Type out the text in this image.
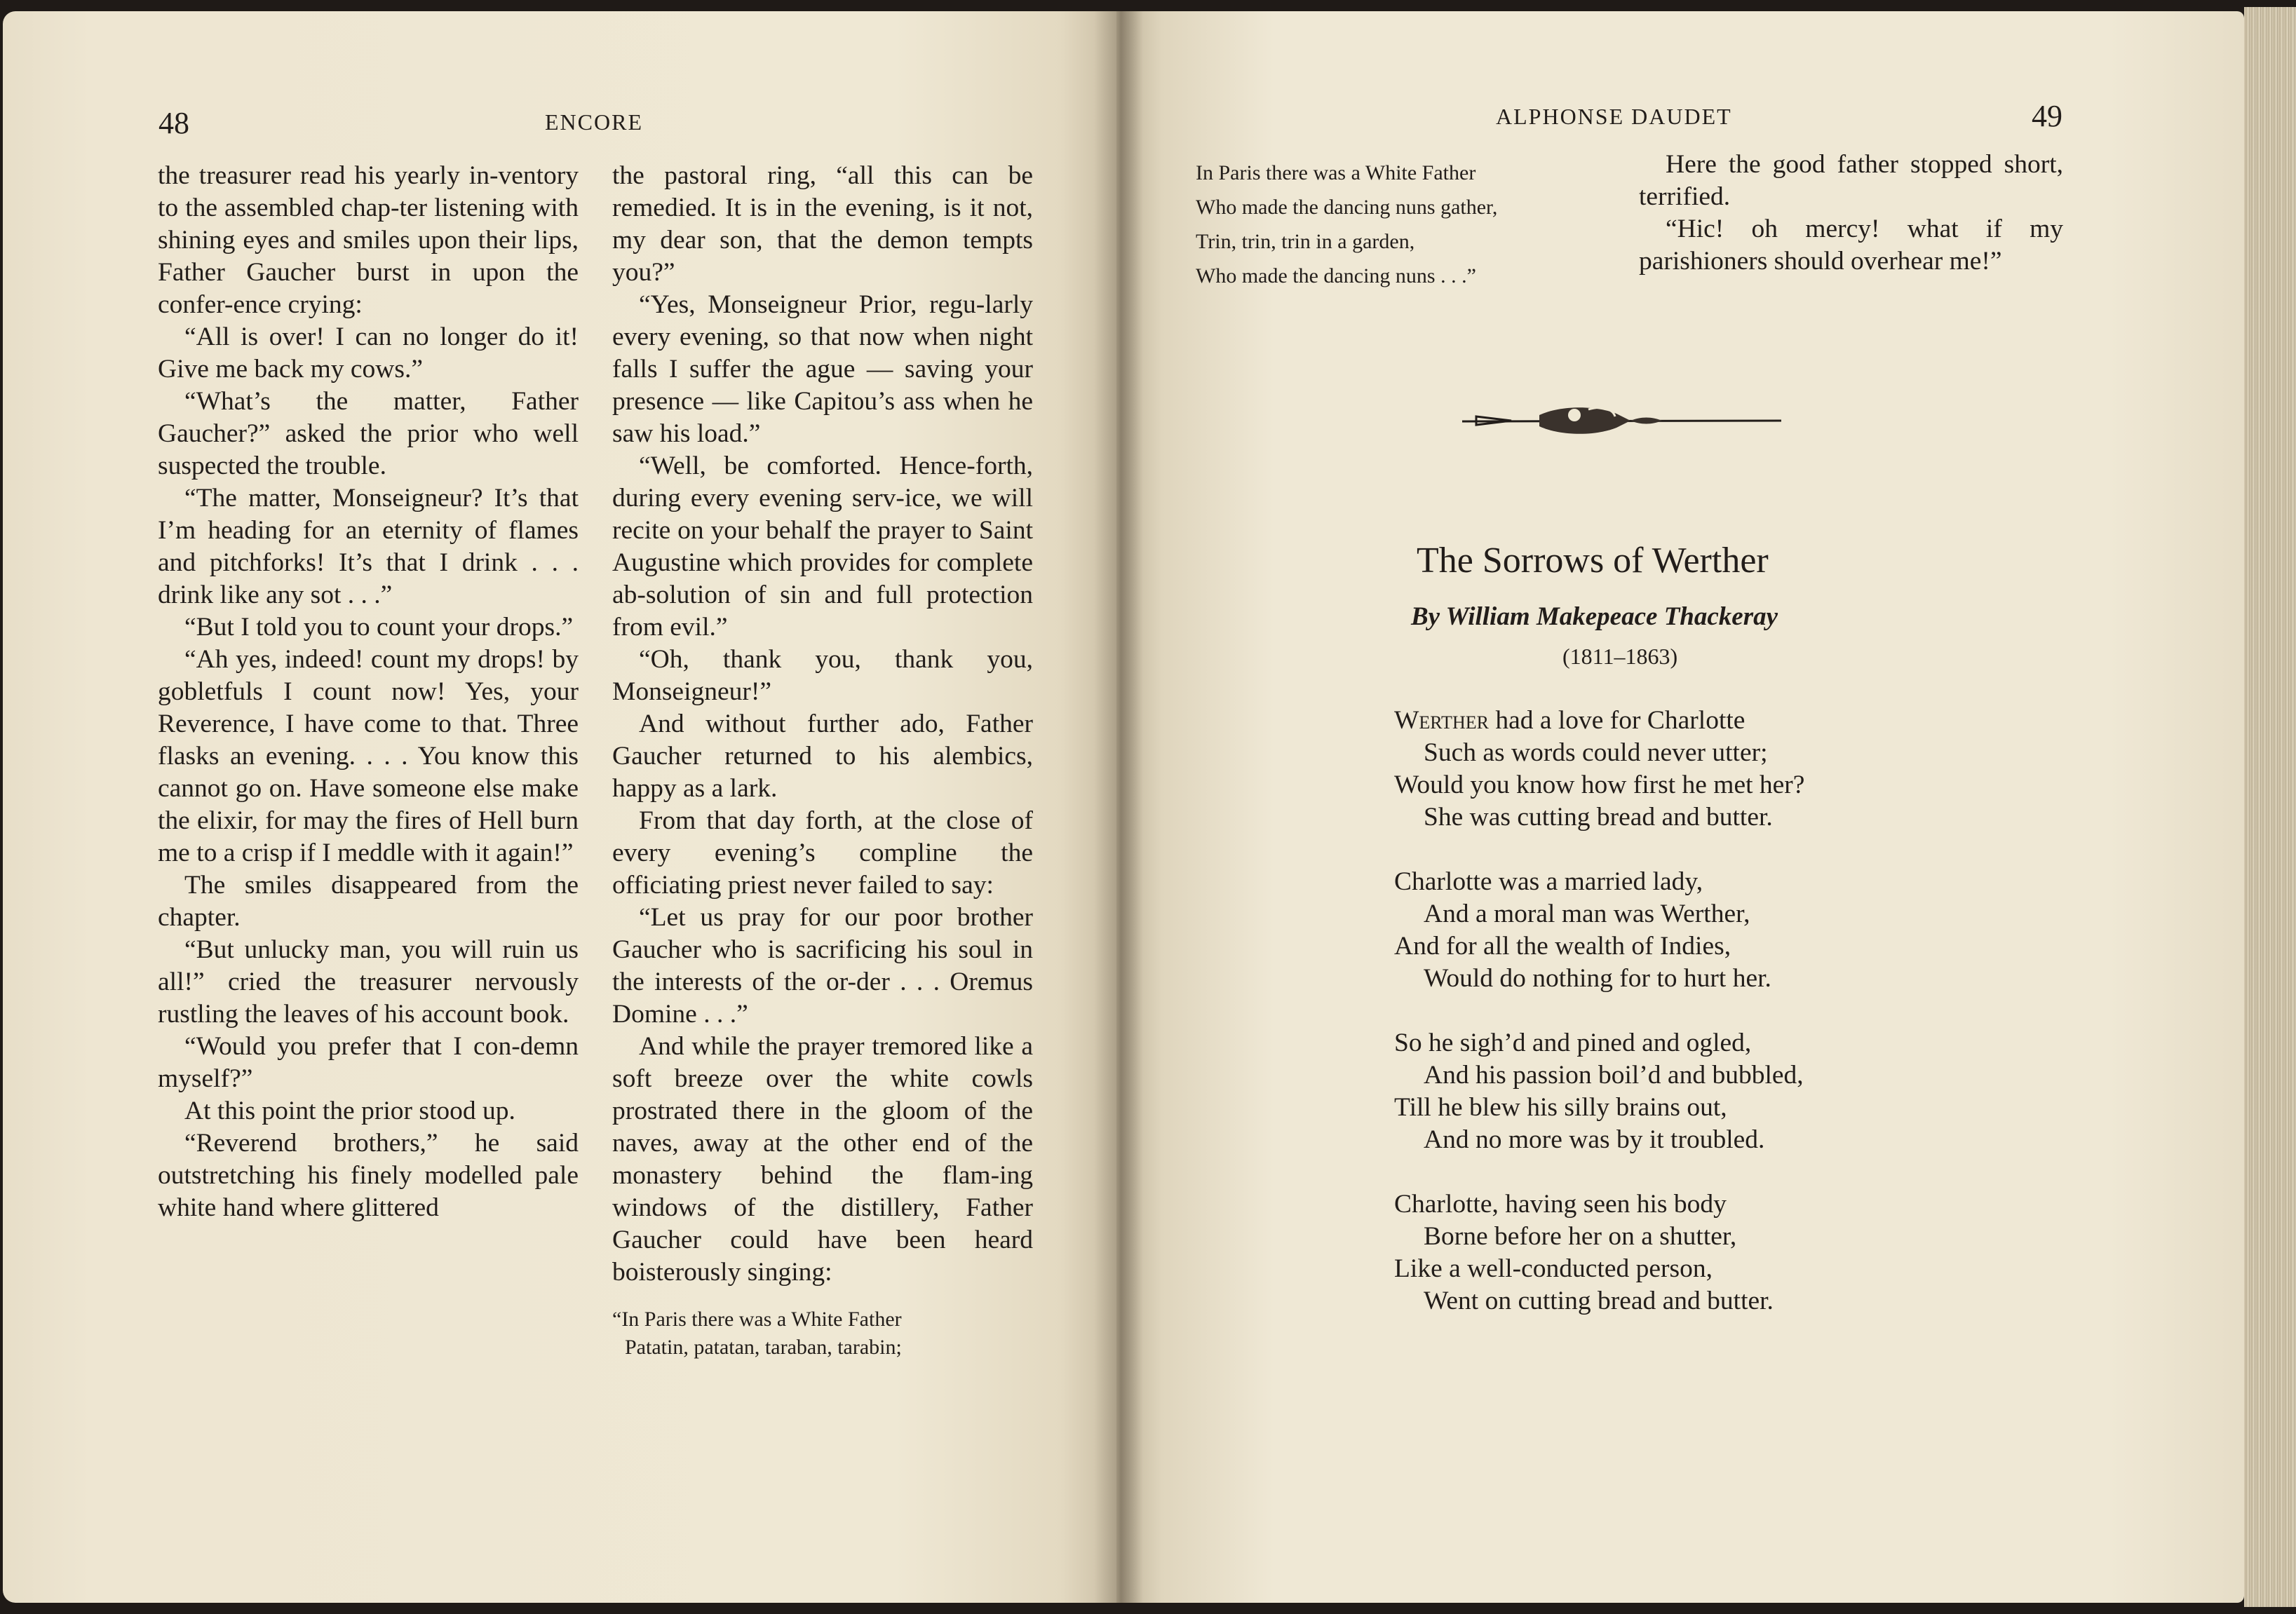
48	ENCORE

the treasurer read his yearly in-ventory to the assembled chap-ter listening with shining eyes and smiles upon their lips, Father Gaucher burst in upon the confer-ence crying:

“All is over! I can no longer do it! Give me back my cows.”

“What’s the matter, Father Gaucher?” asked the prior who well suspected the trouble.

“The matter, Monseigneur? It’s that I’m heading for an eternity of flames and pitchforks! It’s that I drink . . . drink like any sot . . .”

“But I told you to count your drops.”

“Ah yes, indeed! count my drops! by gobletfuls I count now! Yes, your Reverence, I have come to that. Three flasks an evening. . . . You know this cannot go on. Have someone else make the elixir, for may the fires of Hell burn me to a crisp if I meddle with it again!”

The smiles disappeared from the chapter.

“But unlucky man, you will ruin us all!” cried the treasurer nervously rustling the leaves of his account book.

“Would you prefer that I con-demn myself?”

At this point the prior stood up.

“Reverend brothers,” he said outstretching his finely modelled pale white hand where glittered

the pastoral ring, “all this can be remedied. It is in the evening, is it not, my dear son, that the demon tempts you?”

“Yes, Monseigneur Prior, regu-larly every evening, so that now when night falls I suffer the ague — saving your presence — like Capitou’s ass when he saw his load.”

“Well, be comforted. Hence-forth, during every evening serv-ice, we will recite on your behalf the prayer to Saint Augustine which provides for complete ab-solution of sin and full protection from evil.”

“Oh, thank you, thank you, Monseigneur!”

And without further ado, Father Gaucher returned to his alembics, happy as a lark.

From that day forth, at the close of every evening’s compline the officiating priest never failed to say:

“Let us pray for our poor brother Gaucher who is sacrificing his soul in the interests of the or-der . . . Oremus Domine . . .”

And while the prayer tremored like a soft breeze over the white cowls prostrated there in the gloom of the naves, away at the other end of the monastery behind the flam-ing windows of the distillery, Father Gaucher could have been heard boisterously singing:

“In Paris there was a White Father
Patatin, patatan, taraban, tarabin;
ALPHONSE DAUDET	49
In Paris there was a White Father
Who made the dancing nuns gather,
Trin, trin, trin in a garden,
Who made the dancing nuns . . .”

Here the good father stopped short, terrified.

“Hic! oh mercy! what if my parishioners should overhear me!”

The Sorrows of Werther
By William Makepeace Thackeray
(1811–1863)
Werther had a love for Charlotte
Such as words could never utter;
Would you know how first he met her?
She was cutting bread and butter.
Charlotte was a married lady,
And a moral man was Werther,
And for all the wealth of Indies,
Would do nothing for to hurt her.
So he sigh’d and pined and ogled,
And his passion boil’d and bubbled,
Till he blew his silly brains out,
And no more was by it troubled.
Charlotte, having seen his body
Borne before her on a shutter,
Like a well-conducted person,
Went on cutting bread and butter.
